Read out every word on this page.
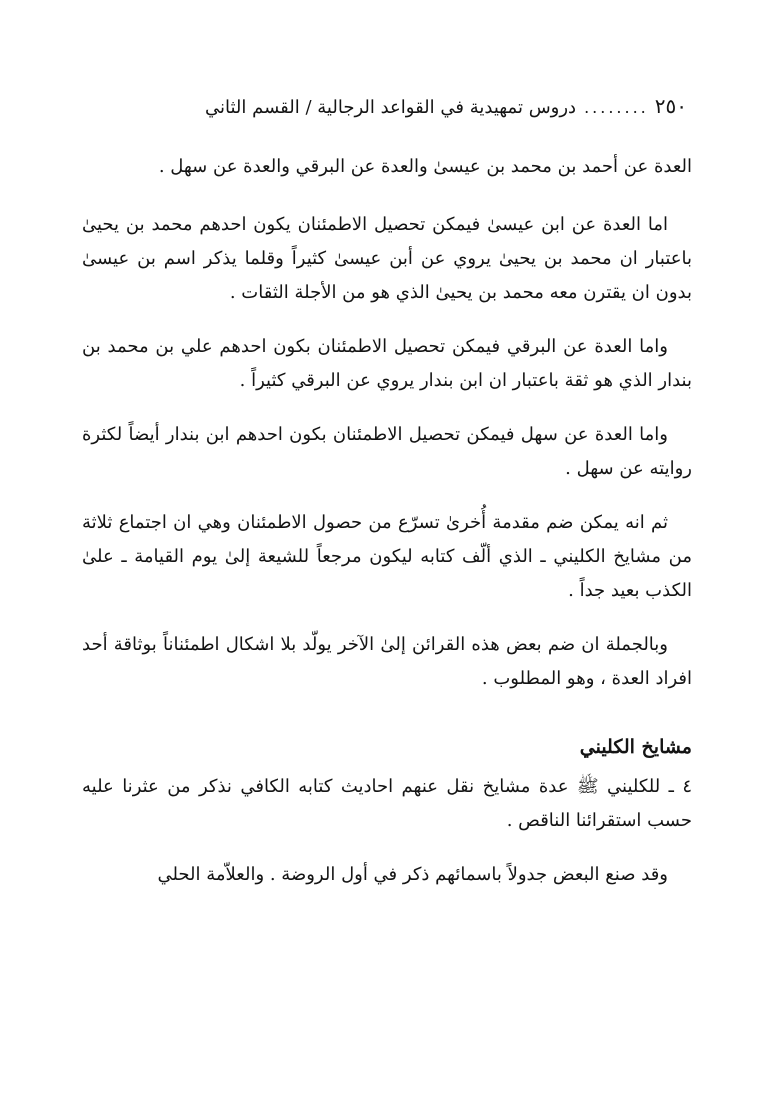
٢٥٠
........
دروس تمهيدية في القواعد الرجالية / القسم الثاني

العدة عن أحمد بن محمد بن عيسىٰ والعدة عن البرقي والعدة عن سهل .

اما العدة عن ابن عيسىٰ فيمكن تحصيل الاطمئنان يكون احدهم محمد بن يحيىٰ باعتبار ان محمد بن يحيىٰ يروي عن أبن عيسىٰ كثيراً وقلما يذكر اسم بن عيسىٰ بدون ان يقترن معه محمد بن يحيىٰ الذي هو من الأجلة الثقات .

واما العدة عن البرقي فيمكن تحصيل الاطمئنان بكون احدهم علي بن محمد بن بندار الذي هو ثقة باعتبار ان ابن بندار يروي عن البرقي كثيراً .

واما العدة عن سهل فيمكن تحصيل الاطمئنان بكون احدهم ابن بندار أيضاً لكثرة روايته عن سهل .

ثم انه يمكن ضم مقدمة أُخرىٰ تسرّع من حصول الاطمئنان وهي ان اجتماع ثلاثة من مشايخ الكليني ـ الذي ألّف كتابه ليكون مرجعاً للشيعة إلىٰ يوم القيامة ـ علىٰ الكذب بعيد جداً .

وبالجملة ان ضم بعض هذه القرائن إلىٰ الآخر يولّد بلا اشكال اطمئناناً بوثاقة أحد افراد العدة ، وهو المطلوب .

مشايخ الكليني

٤ ـ للكليني ﷺ عدة مشايخ نقل عنهم احاديث كتابه الكافي نذكر من عثرنا عليه حسب استقرائنا الناقص .

وقد صنع البعض جدولاً باسمائهم ذكر في أول الروضة . والعلاّمة الحلي
